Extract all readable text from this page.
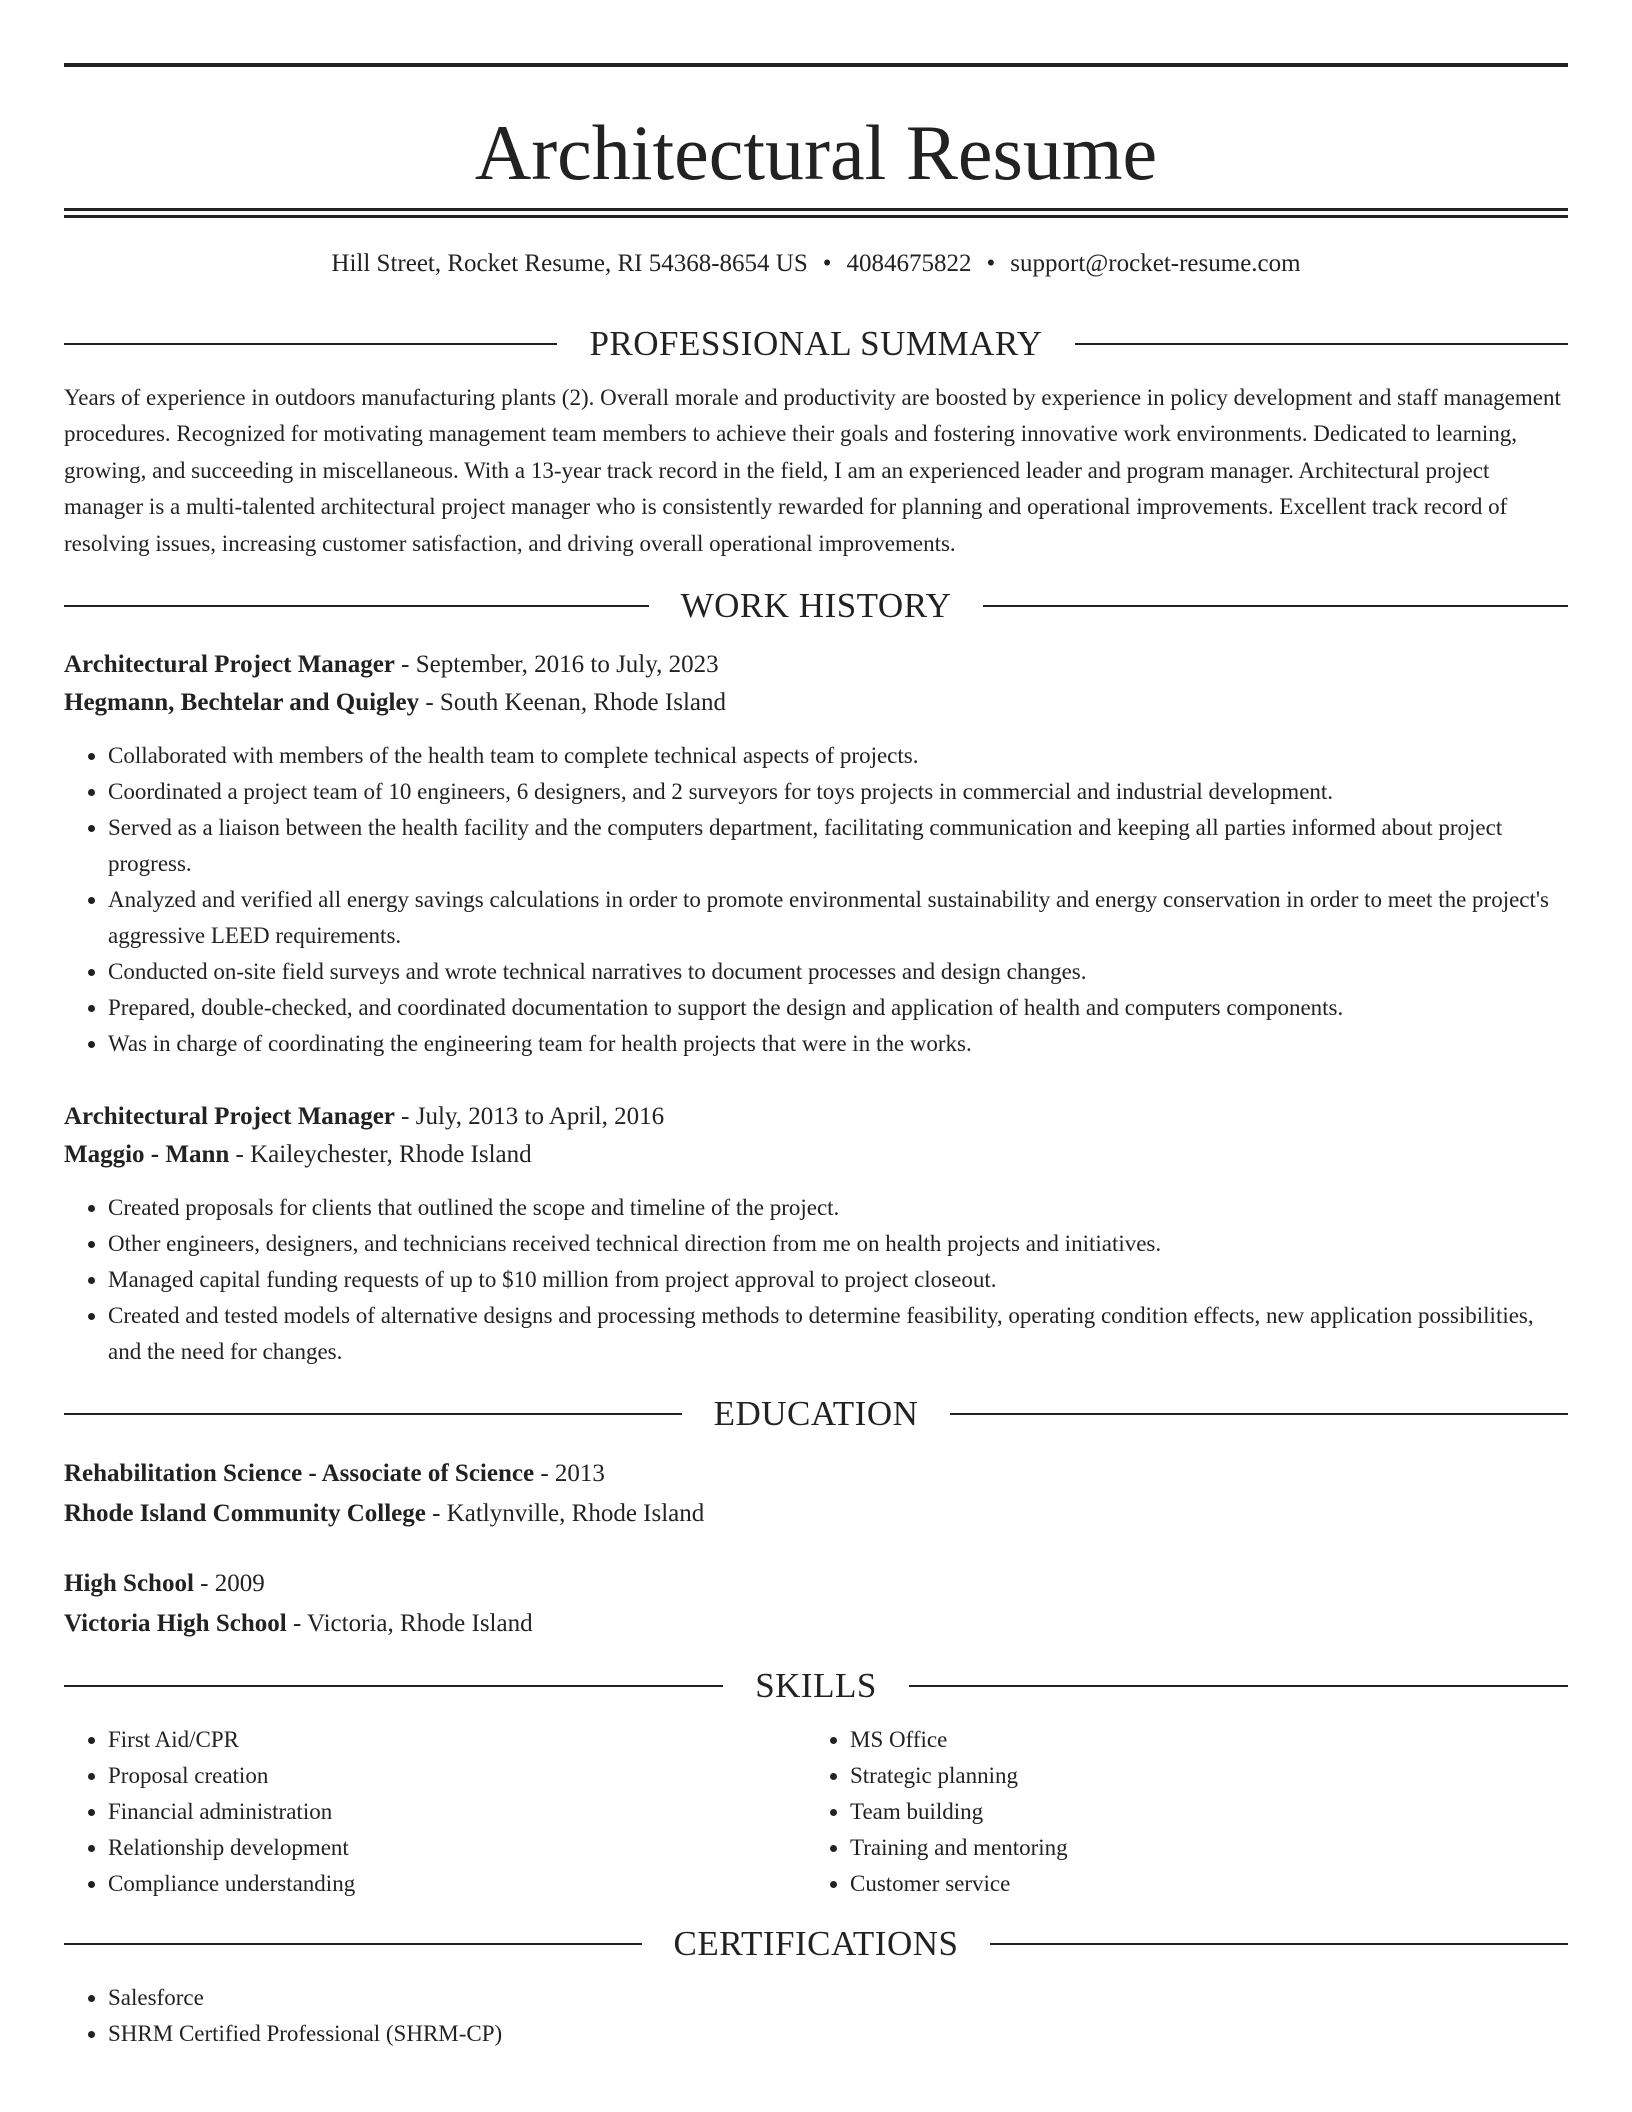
Architectural Resume
Hill Street, Rocket Resume, RI 54368-8654 US • 4084675822 • support@rocket-resume.com
PROFESSIONAL SUMMARY
Years of experience in outdoors manufacturing plants (2). Overall morale and productivity are boosted by experience in policy development and staff management procedures. Recognized for motivating management team members to achieve their goals and fostering innovative work environments. Dedicated to learning, growing, and succeeding in miscellaneous. With a 13-year track record in the field, I am an experienced leader and program manager. Architectural project manager is a multi-talented architectural project manager who is consistently rewarded for planning and operational improvements. Excellent track record of resolving issues, increasing customer satisfaction, and driving overall operational improvements.
WORK HISTORY
Architectural Project Manager - September, 2016 to July, 2023
Hegmann, Bechtelar and Quigley - South Keenan, Rhode Island
• Collaborated with members of the health team to complete technical aspects of projects.
• Coordinated a project team of 10 engineers, 6 designers, and 2 surveyors for toys projects in commercial and industrial development.
• Served as a liaison between the health facility and the computers department, facilitating communication and keeping all parties informed about project progress.
• Analyzed and verified all energy savings calculations in order to promote environmental sustainability and energy conservation in order to meet the project's aggressive LEED requirements.
• Conducted on-site field surveys and wrote technical narratives to document processes and design changes.
• Prepared, double-checked, and coordinated documentation to support the design and application of health and computers components.
• Was in charge of coordinating the engineering team for health projects that were in the works.
Architectural Project Manager - July, 2013 to April, 2016
Maggio - Mann - Kaileychester, Rhode Island
• Created proposals for clients that outlined the scope and timeline of the project.
• Other engineers, designers, and technicians received technical direction from me on health projects and initiatives.
• Managed capital funding requests of up to $10 million from project approval to project closeout.
• Created and tested models of alternative designs and processing methods to determine feasibility, operating condition effects, new application possibilities, and the need for changes.
EDUCATION
Rehabilitation Science - Associate of Science - 2013
Rhode Island Community College - Katlynville, Rhode Island
High School - 2009
Victoria High School - Victoria, Rhode Island
SKILLS
• First Aid/CPR
• Proposal creation
• Financial administration
• Relationship development
• Compliance understanding
• MS Office
• Strategic planning
• Team building
• Training and mentoring
• Customer service
CERTIFICATIONS
• Salesforce
• SHRM Certified Professional (SHRM-CP)
